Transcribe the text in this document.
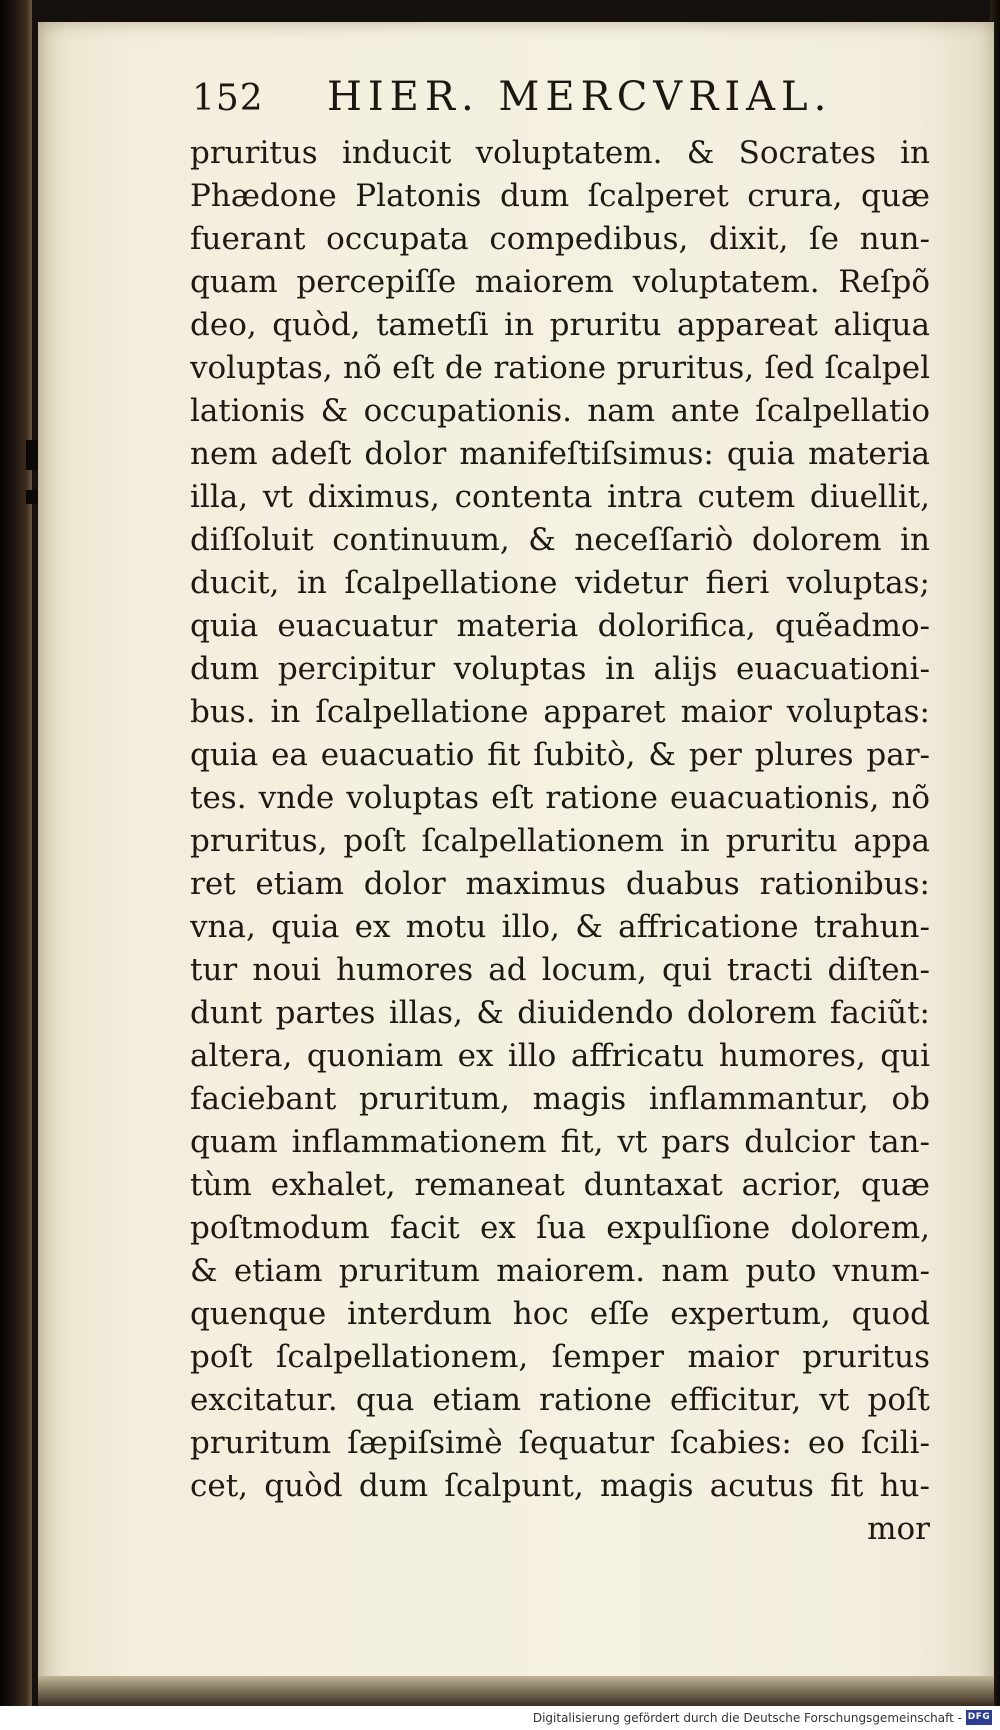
152 HIER. MERCVRIAL.
pruritus inducit voluptatem. & Socrates in
Phædone Platonis dum ſcalperet crura, quæ
fuerant occupata compedibus, dixit, ſe nun-
quam percepiſſe maiorem voluptatem. Reſpõ
deo, quòd, tametſi in pruritu appareat aliqua
voluptas, nõ eſt de ratione pruritus, ſed ſcalpel
lationis & occupationis. nam ante ſcalpellatio
nem adeſt dolor manifeſtiſsimus: quia materia
illa, vt diximus, contenta intra cutem diuellit,
diſſoluit continuum, & neceſſariò dolorem in
ducit, in ſcalpellatione videtur fieri voluptas;
quia euacuatur materia dolorifica, quẽadmo-
dum percipitur voluptas in alijs euacuationi-
bus. in ſcalpellatione apparet maior voluptas:
quia ea euacuatio fit ſubitò, & per plures par-
tes. vnde voluptas eſt ratione euacuationis, nõ
pruritus, poſt ſcalpellationem in pruritu appa
ret etiam dolor maximus duabus rationibus:
vna, quia ex motu illo, & affricatione trahun-
tur noui humores ad locum, qui tracti diſten-
dunt partes illas, & diuidendo dolorem faciũt:
altera, quoniam ex illo affricatu humores, qui
faciebant pruritum, magis inflammantur, ob
quam inflammationem fit, vt pars dulcior tan-
tùm exhalet, remaneat duntaxat acrior, quæ
poſtmodum facit ex ſua expulſione dolorem,
& etiam pruritum maiorem. nam puto vnum-
quenque interdum hoc eſſe expertum, quod
poſt ſcalpellationem, ſemper maior pruritus
excitatur. qua etiam ratione efficitur, vt poſt
pruritum ſæpiſsimè ſequatur ſcabies: eo ſcili-
cet, quòd dum ſcalpunt, magis acutus fit hu-
mor
Digitalisierung gefördert durch die Deutsche Forschungsgemeinschaft - DFG
